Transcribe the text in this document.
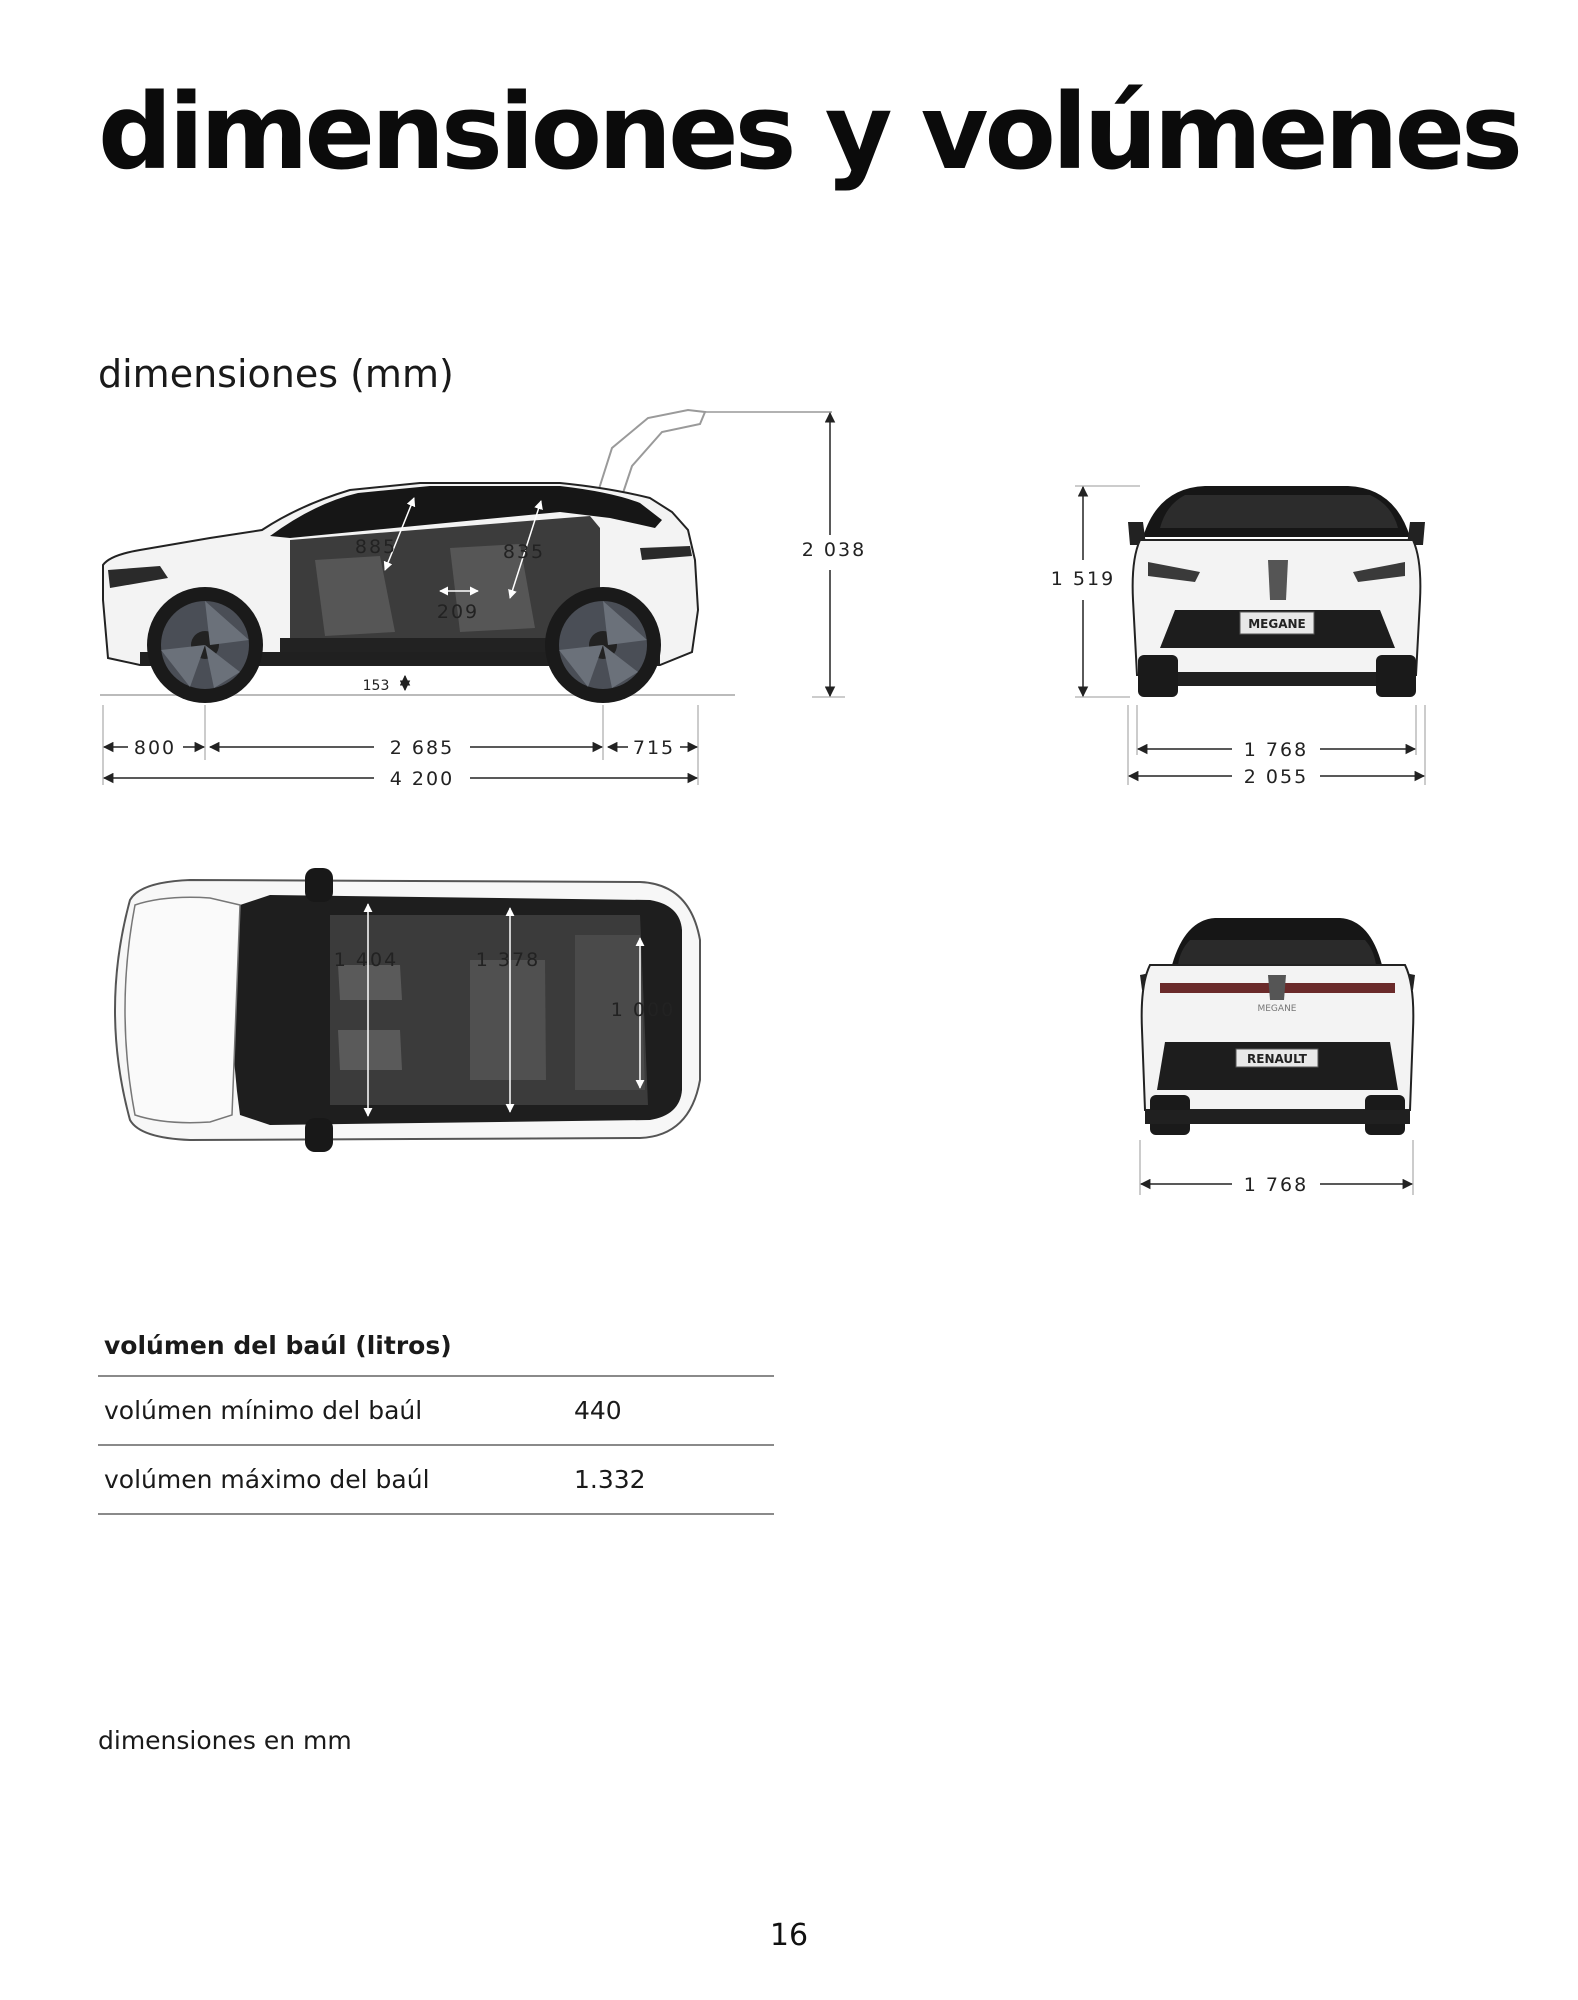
dimensiones y volúmenes
dimensiones (mm)
885	835
209
153
800	2 685	715
4 200
2 038
MEGANE
1 519
1 768
2 055
1 404	1 378
1 000	MEGANE
RENAULT
1 768
volúmen del baúl (litros)	
volúmen mínimo del baúl	440
volúmen máximo del baúl	1.332

dimensiones en mm

16
